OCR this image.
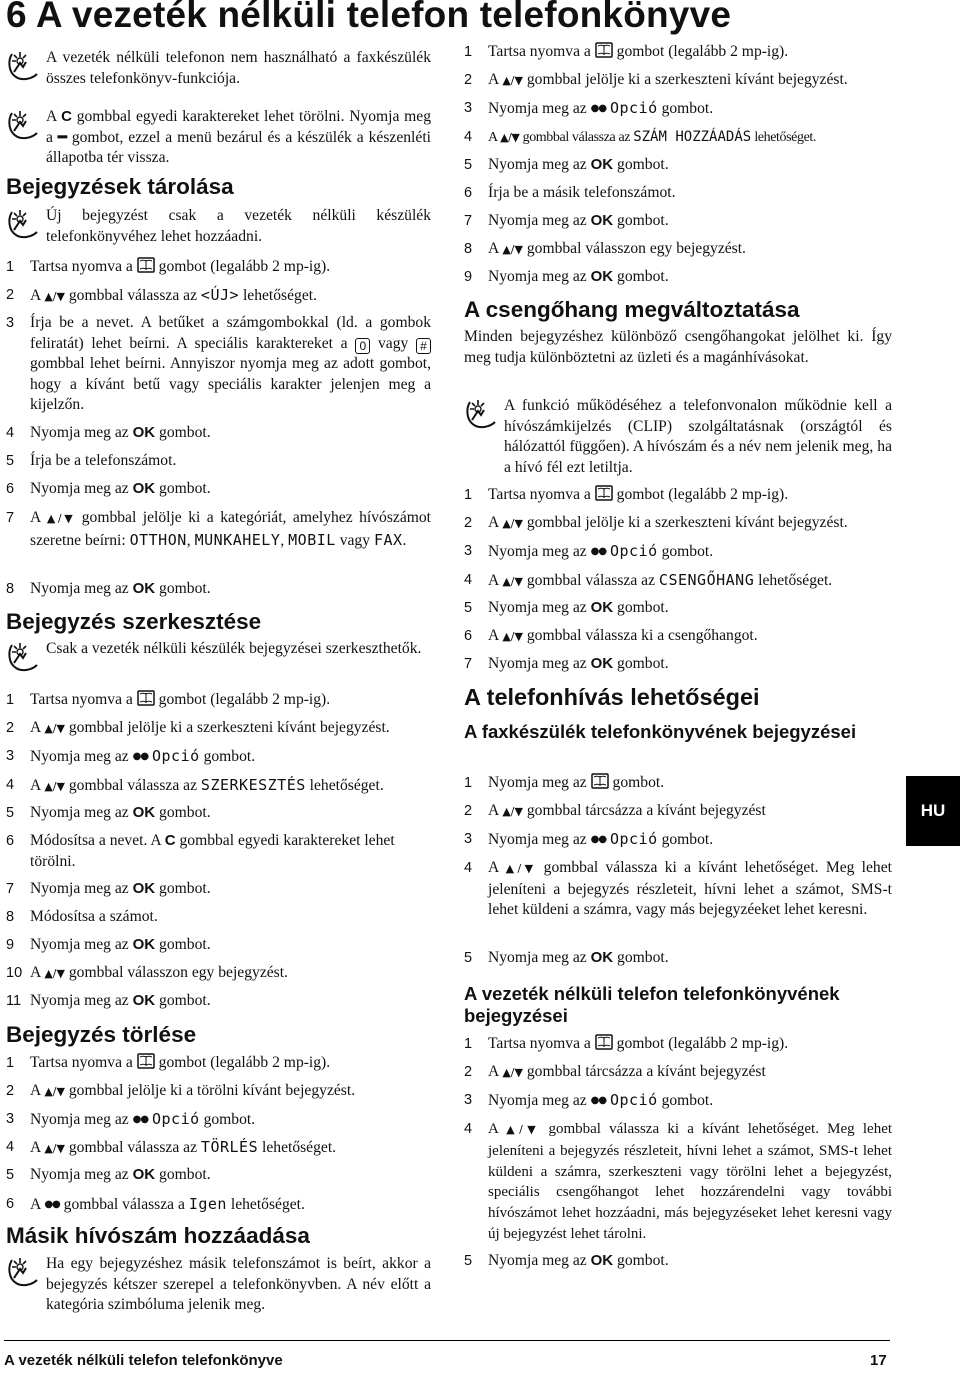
6 A vezeték nélküli telefon telefonkönyve
A vezeték nélküli telefonon nem használható a faxkészülék összes telefonkönyv-funkciója.
A C gombbal egyedi karaktereket lehet törölni. Nyomja meg a ━ gombot, ezzel a menü bezárul és a készülék a készenléti állapotba tér vissza.
Bejegyzések tárolása
Új bejegyzést csak a vezeték nélküli készülék telefonkönyvéhez lehet hozzáadni.
1 Tartsa nyomva a gombot (legalább 2 mp-ig).
2 A ▲/▼ gombbal válassza az <ÚJ> lehetőséget.
3 Írja be a nevet. A betűket a számgombokkal (ld. a gombok feliratát) lehet beírni. A speciális karaktereket a 0 vagy # gombbal lehet beírni. Annyiszor nyomja meg az adott gombot, hogy a kívánt betű vagy speciális karakter jelenjen meg a kijelzőn.
4 Nyomja meg az OK gombot.
5 Írja be a telefonszámot.
6 Nyomja meg az OK gombot.
7 A ▲/▼ gombbal jelölje ki a kategóriát, amelyhez hívószámot szeretne beírni: OTTHON, MUNKAHELY, MOBIL vagy FAX.
8 Nyomja meg az OK gombot.
Bejegyzés szerkesztése
Csak a vezeték nélküli készülék bejegyzései szerkeszthetők.
1 Tartsa nyomva a gombot (legalább 2 mp-ig).
2 A ▲/▼ gombbal jelölje ki a szerkeszteni kívánt bejegyzést.
3 Nyomja meg az ●● Opció gombot.
4 A ▲/▼ gombbal válassza az SZERKESZTÉS lehetőséget.
5 Nyomja meg az OK gombot.
6 Módosítsa a nevet. A C gombbal egyedi karaktereket lehet törölni.
7 Nyomja meg az OK gombot.
8 Módosítsa a számot.
9 Nyomja meg az OK gombot.
10 A ▲/▼ gombbal válasszon egy bejegyzést.
11 Nyomja meg az OK gombot.
Bejegyzés törlése
1 Tartsa nyomva a gombot (legalább 2 mp-ig).
2 A ▲/▼ gombbal jelölje ki a törölni kívánt bejegyzést.
3 Nyomja meg az ●● Opció gombot.
4 A ▲/▼ gombbal válassza az TÖRLÉS lehetőséget.
5 Nyomja meg az OK gombot.
6 A ●● gombbal válassza a Igen lehetőséget.
Másik hívószám hozzáadása
Ha egy bejegyzéshez másik telefonszámot is beírt, akkor a bejegyzés kétszer szerepel a telefonkönyvben. A név előtt a kategória szimbóluma jelenik meg.
1 Tartsa nyomva a gombot (legalább 2 mp-ig).
2 A ▲/▼ gombbal jelölje ki a szerkeszteni kívánt bejegyzést.
3 Nyomja meg az ●● Opció gombot.
4 A ▲/▼ gombbal válassza az SZÁM HOZZÁADÁS lehetőséget.
5 Nyomja meg az OK gombot.
6 Írja be a másik telefonszámot.
7 Nyomja meg az OK gombot.
8 A ▲/▼ gombbal válasszon egy bejegyzést.
9 Nyomja meg az OK gombot.
A csengőhang megváltoztatása
Minden bejegyzéshez különböző csengőhangokat jelölhet ki. Így meg tudja különböztetni az üzleti és a magánhívásokat.
A funkció működéséhez a telefonvonalon működnie kell a hívószámkijelzés (CLIP) szolgáltatásnak (országtól és hálózattól függően). A hívószám és a név nem jelenik meg, ha a hívó fél ezt letiltja.
1 Tartsa nyomva a gombot (legalább 2 mp-ig).
2 A ▲/▼ gombbal jelölje ki a szerkeszteni kívánt bejegyzést.
3 Nyomja meg az ●● Opció gombot.
4 A ▲/▼ gombbal válassza az CSENGŐHANG lehetőséget.
5 Nyomja meg az OK gombot.
6 A ▲/▼ gombbal válassza ki a csengőhangot.
7 Nyomja meg az OK gombot.
A telefonhívás lehetőségei
A faxkészülék telefonkönyvének bejegyzései
1 Nyomja meg az gombot.
2 A ▲/▼ gombbal tárcsázza a kívánt bejegyzést
3 Nyomja meg az ●● Opció gombot.
4 A ▲/▼ gombbal válassza ki a kívánt lehetőséget. Meg lehet jeleníteni a bejegyzés részleteit, hívni lehet a számot, SMS-t lehet küldeni a számra, vagy más bejegyzéeket lehet keresni.
5 Nyomja meg az OK gombot.
A vezeték nélküli telefon telefonkönyvének bejegyzései
1 Tartsa nyomva a gombot (legalább 2 mp-ig).
2 A ▲/▼ gombbal tárcsázza a kívánt bejegyzést
3 Nyomja meg az ●● Opció gombot.
4 A ▲/▼ gombbal válassza ki a kívánt lehetőséget. Meg lehet jeleníteni a bejegyzés részleteit, hívni lehet a számot, SMS-t lehet küldeni a számra, szerkeszteni vagy törölni lehet a bejegyzést, speciális csengőhangot lehet hozzárendelni vagy további hívószámot lehet hozzáadni, más bejegyzéseket lehet keresni vagy új bejegyzést lehet tárolni.
5 Nyomja meg az OK gombot.
HU
A vezeték nélküli telefon telefonkönyve	17
